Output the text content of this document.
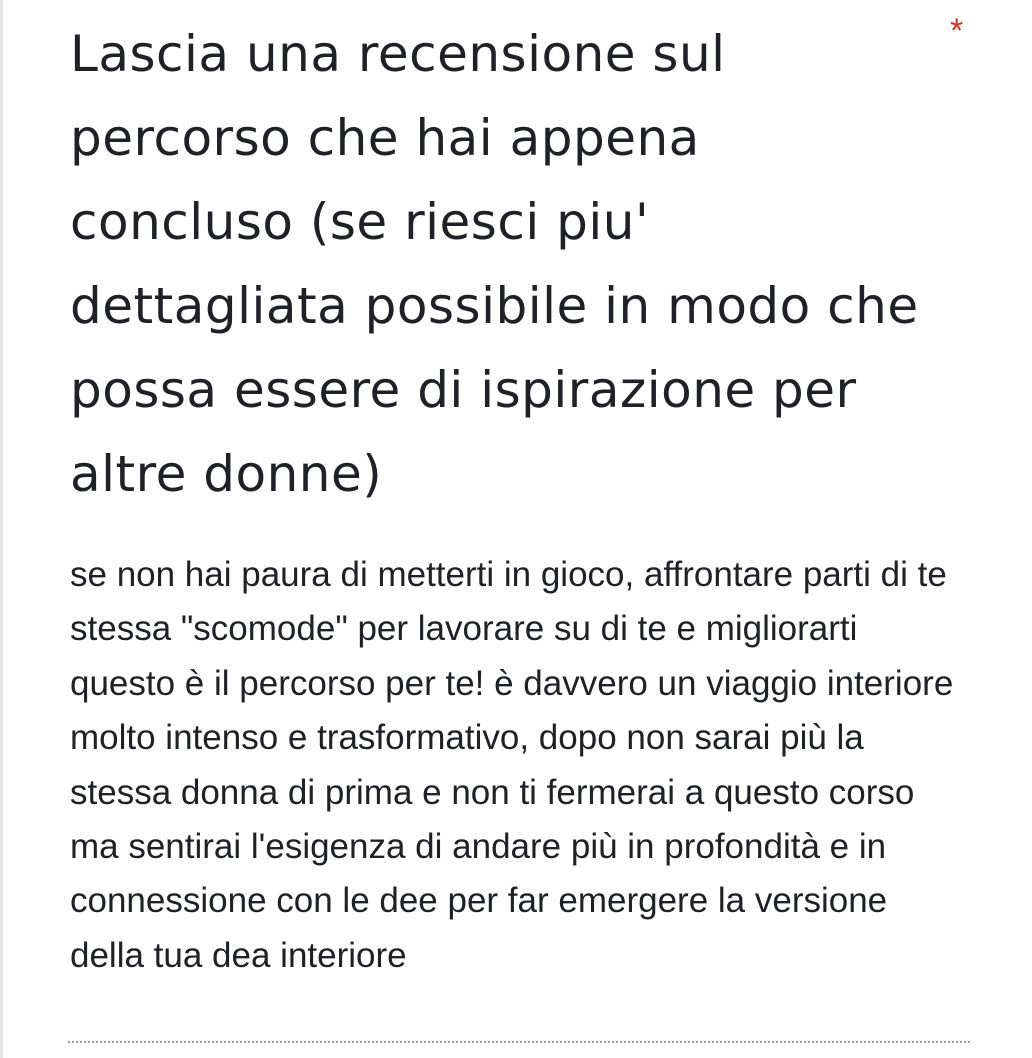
Lascia una recensione sul percorso che hai appena concluso (se riesci piu' dettagliata possibile in modo che possa essere di ispirazione per altre donne)
*

se non hai paura di metterti in gioco, affrontare parti di te stessa "scomode" per lavorare su di te e migliorarti questo è il percorso per te! è davvero un viaggio interiore molto intenso e trasformativo, dopo non sarai più la stessa donna di prima e non ti fermerai a questo corso ma sentirai l'esigenza di andare più in profondità e in connessione con le dee per far emergere la versione della tua dea interiore
